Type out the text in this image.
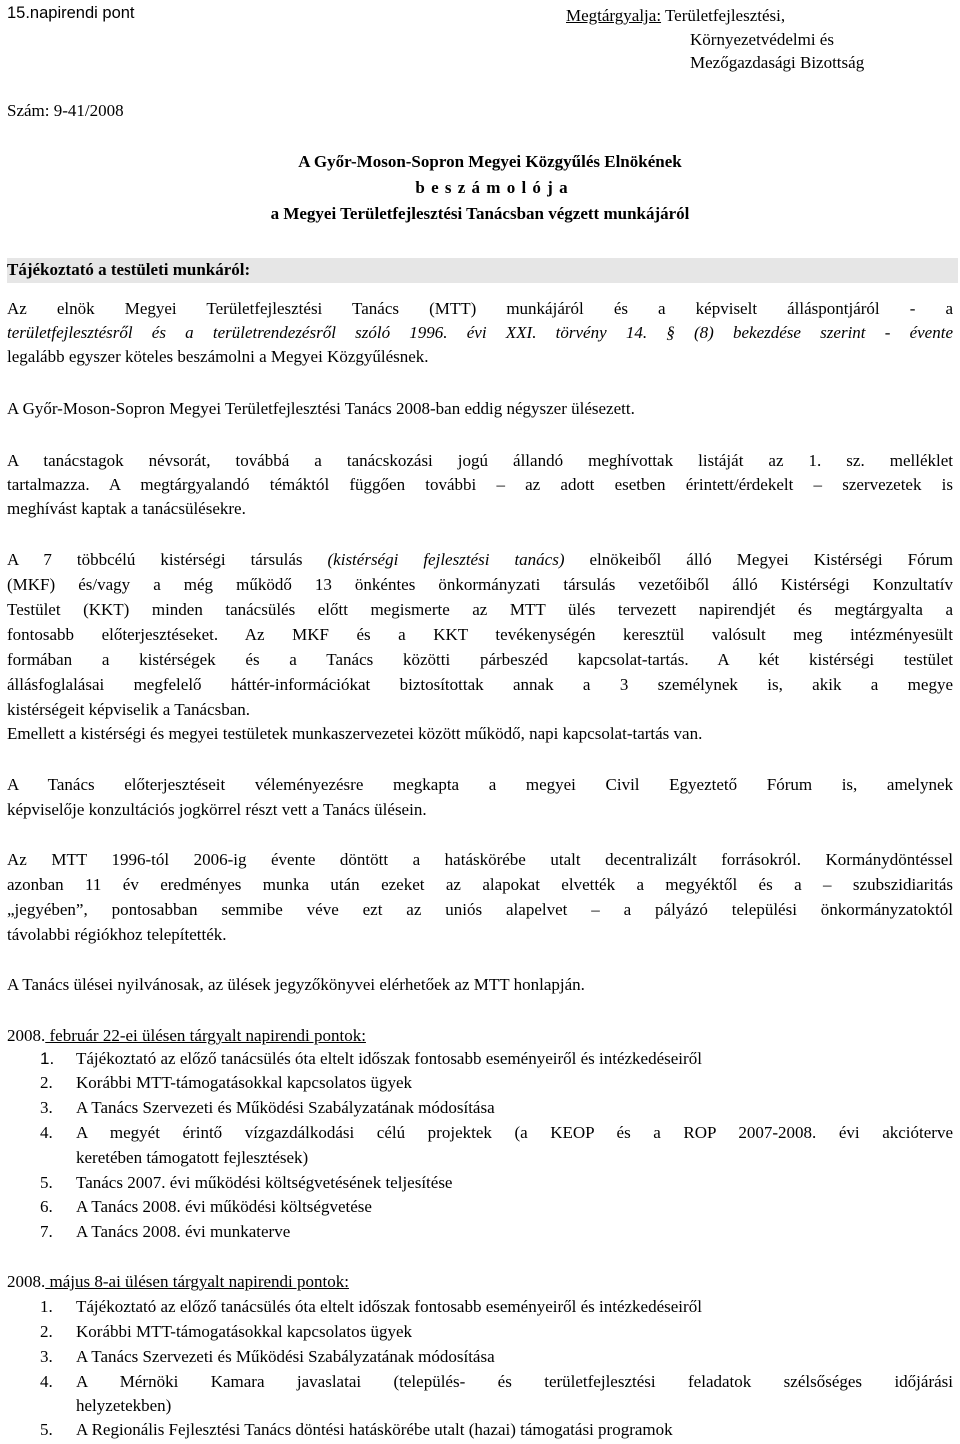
15.napirendi pont	Megtárgyalja: Területfejlesztési,
Környezetvédelmi és
Mezőgazdasági Bizottság
Szám: 9-41/2008
A Győr-Moson-Sopron Megyei Közgyűlés Elnökének
b e s z á m o l ó j a
a Megyei Területfejlesztési Tanácsban végzett munkájáról
Tájékoztató a testületi munkáról:
Az elnök Megyei Területfejlesztési Tanács (MTT) munkájáról és a képviselt álláspontjáról - a
területfejlesztésről és a területrendezésről szóló 1996. évi XXI. törvény 14. § (8) bekezdése szerint - évente
legalább egyszer köteles beszámolni a Megyei Közgyűlésnek.
A Győr-Moson-Sopron Megyei Területfejlesztési Tanács 2008-ban eddig négyszer ülésezett.
A tanácstagok névsorát, továbbá a tanácskozási jogú állandó meghívottak listáját az 1. sz. melléklet
tartalmazza. A megtárgyalandó témáktól függően további – az adott esetben érintett/érdekelt – szervezetek is
meghívást kaptak a tanácsülésekre.
A 7 többcélú kistérségi társulás (kistérségi fejlesztési tanács) elnökeiből álló Megyei Kistérségi Fórum
(MKF) és/vagy a még működő 13 önkéntes önkormányzati társulás vezetőiből álló Kistérségi Konzultatív
Testület (KKT) minden tanácsülés előtt megismerte az MTT ülés tervezett napirendjét és megtárgyalta a
fontosabb előterjesztéseket. Az MKF és a KKT tevékenységén keresztül valósult meg intézményesült
formában a kistérségek és a Tanács közötti párbeszéd kapcsolat-tartás. A két kistérségi testület
állásfoglalásai megfelelő háttér-információkat biztosítottak annak a 3 személynek is, akik a megye
kistérségeit képviselik a Tanácsban.
Emellett a kistérségi és megyei testületek munkaszervezetei között működő, napi kapcsolat-tartás van.
A Tanács előterjesztéseit véleményezésre megkapta a megyei Civil Egyeztető Fórum is, amelynek
képviselője konzultációs jogkörrel részt vett a Tanács ülésein.
Az MTT 1996-tól 2006-ig évente döntött a hatáskörébe utalt decentralizált forrásokról. Kormánydöntéssel
azonban 11 év eredményes munka után ezeket az alapokat elvették a megyéktől és a – szubszidiaritás
„jegyében”, pontosabban semmibe véve ezt az uniós alapelvet – a pályázó települési önkormányzatoktól
távolabbi régiókhoz telepítették.
A Tanács ülései nyilvánosak, az ülések jegyzőkönyvei elérhetőek az MTT honlapján.
2008. február 22-ei ülésen tárgyalt napirendi pontok:
1. Tájékoztató az előző tanácsülés óta eltelt időszak fontosabb eseményeiről és intézkedéseiről
2. Korábbi MTT-támogatásokkal kapcsolatos ügyek
3. A Tanács Szervezeti és Működési Szabályzatának módosítása
4. A megyét érintő vízgazdálkodási célú projektek (a KEOP és a ROP 2007-2008. évi akcióterve
keretében támogatott fejlesztések)
5. Tanács 2007. évi működési költségvetésének teljesítése
6. A Tanács 2008. évi működési költségvetése
7. A Tanács 2008. évi munkaterve
2008. május 8-ai ülésen tárgyalt napirendi pontok:
1. Tájékoztató az előző tanácsülés óta eltelt időszak fontosabb eseményeiről és intézkedéseiről
2. Korábbi MTT-támogatásokkal kapcsolatos ügyek
3. A Tanács Szervezeti és Működési Szabályzatának módosítása
4. A Mérnöki Kamara javaslatai (település- és területfejlesztési feladatok szélsőséges időjárási
helyzetekben)
5. A Regionális Fejlesztési Tanács döntési hatáskörébe utalt (hazai) támogatási programok
